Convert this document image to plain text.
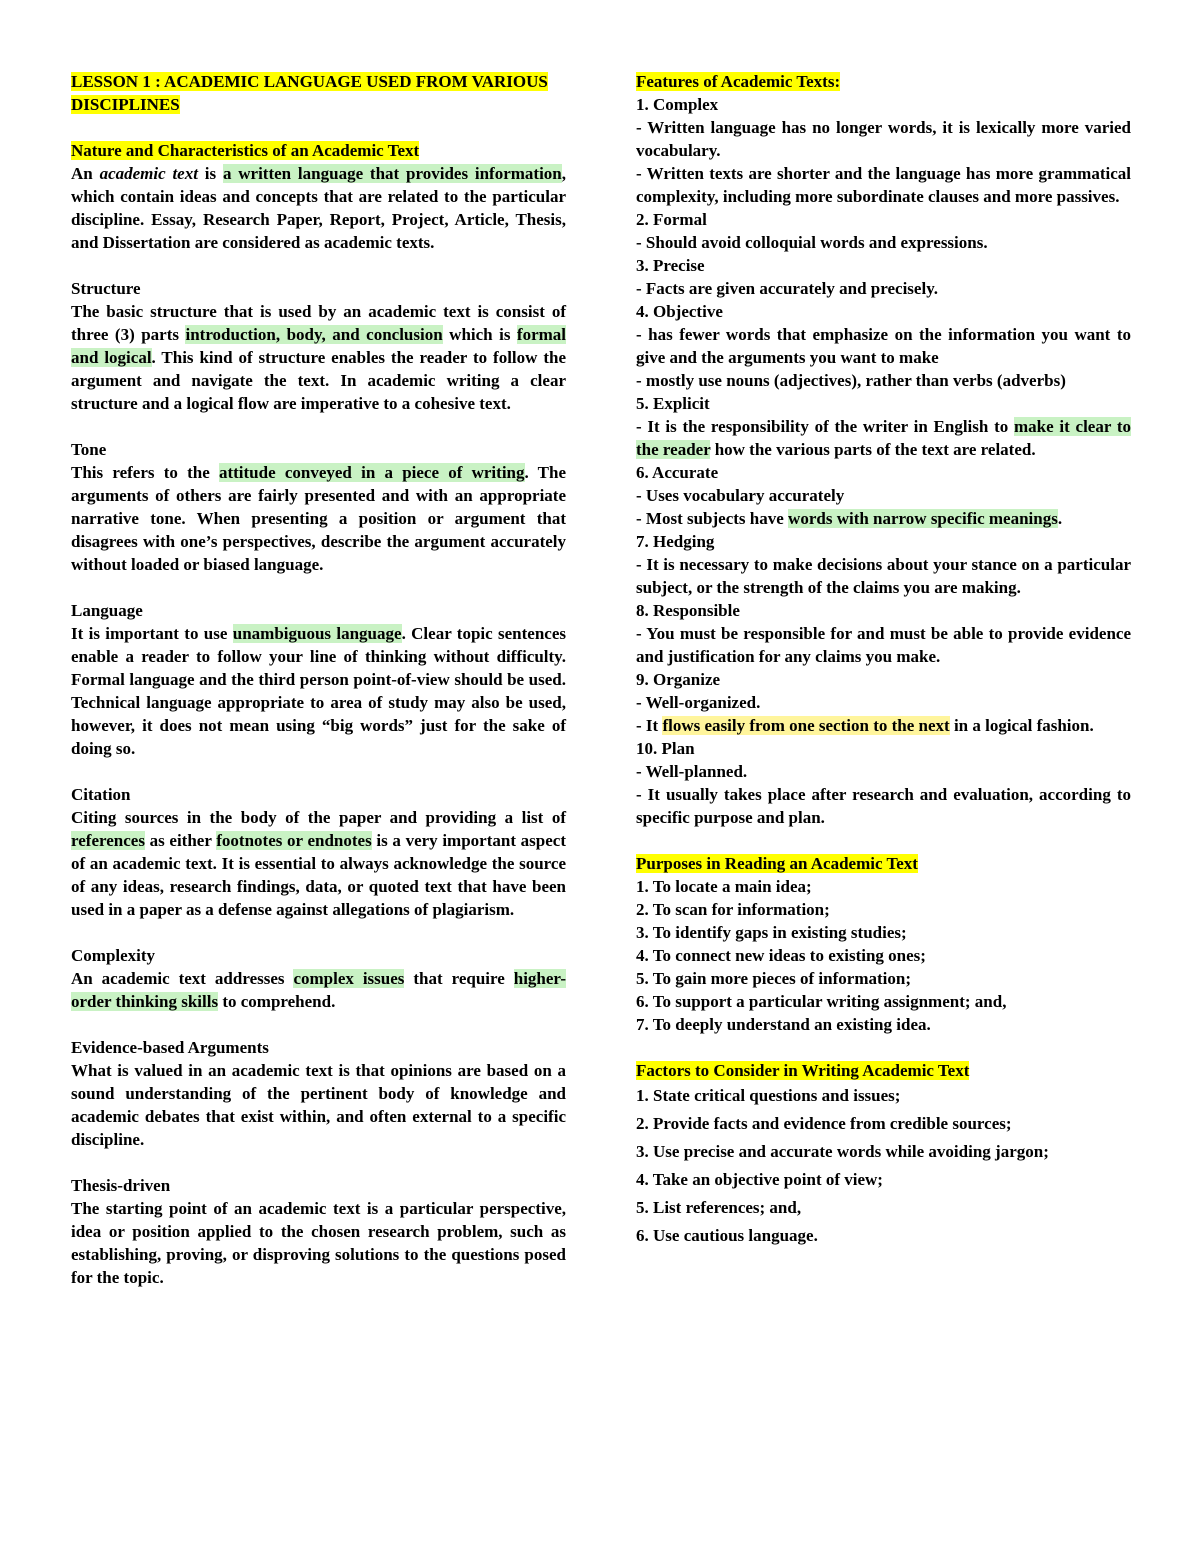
LESSON 1 : ACADEMIC LANGUAGE USED FROM VARIOUS DISCIPLINES

Nature and Characteristics of an Academic Text

An academic text is a written language that provides information, which contain ideas and concepts that are related to the particular discipline. Essay, Research Paper, Report, Project, Article, Thesis, and Dissertation are considered as academic texts.

Structure

The basic structure that is used by an academic text is consist of three (3) parts introduction, body, and conclusion which is formal and logical. This kind of structure enables the reader to follow the argument and navigate the text. In academic writing a clear structure and a logical flow are imperative to a cohesive text.

Tone

This refers to the attitude conveyed in a piece of writing. The arguments of others are fairly presented and with an appropriate narrative tone. When presenting a position or argument that disagrees with one’s perspectives, describe the argument accurately without loaded or biased language.

Language

It is important to use unambiguous language. Clear topic sentences enable a reader to follow your line of thinking without difficulty. Formal language and the third person point-of-view should be used. Technical language appropriate to area of study may also be used, however, it does not mean using “big words” just for the sake of doing so.

Citation

Citing sources in the body of the paper and providing a list of references as either footnotes or endnotes is a very important aspect of an academic text. It is essential to always acknowledge the source of any ideas, research findings, data, or quoted text that have been used in a paper as a defense against allegations of plagiarism.

Complexity

An academic text addresses complex issues that require higher-order thinking skills to comprehend.

Evidence-based Arguments

What is valued in an academic text is that opinions are based on a sound understanding of the pertinent body of knowledge and academic debates that exist within, and often external to a specific discipline.

Thesis-driven

The starting point of an academic text is a particular perspective, idea or position applied to the chosen research problem, such as establishing, proving, or disproving solutions to the questions posed for the topic.

Features of Academic Texts:

1. Complex

- Written language has no longer words, it is lexically more varied vocabulary.

- Written texts are shorter and the language has more grammatical complexity, including more subordinate clauses and more passives.

2. Formal

- Should avoid colloquial words and expressions.

3. Precise

- Facts are given accurately and precisely.

4. Objective

- has fewer words that emphasize on the information you want to give and the arguments you want to make

- mostly use nouns (adjectives), rather than verbs (adverbs)

5. Explicit

- It is the responsibility of the writer in English to make it clear to the reader how the various parts of the text are related.

6. Accurate

- Uses vocabulary accurately

- Most subjects have words with narrow specific meanings.

7. Hedging

- It is necessary to make decisions about your stance on a particular subject, or the strength of the claims you are making.

8. Responsible

- You must be responsible for and must be able to provide evidence and justification for any claims you make.

9. Organize

- Well-organized.

- It flows easily from one section to the next in a logical fashion.

10. Plan

- Well-planned.

- It usually takes place after research and evaluation, according to specific purpose and plan.

Purposes in Reading an Academic Text

1. To locate a main idea;

2. To scan for information;

3. To identify gaps in existing studies;

4. To connect new ideas to existing ones;

5. To gain more pieces of information;

6. To support a particular writing assignment; and,

7. To deeply understand an existing idea.

Factors to Consider in Writing Academic Text

1. State critical questions and issues;

2. Provide facts and evidence from credible sources;

3. Use precise and accurate words while avoiding jargon;

4. Take an objective point of view;

5. List references; and,

6. Use cautious language.
